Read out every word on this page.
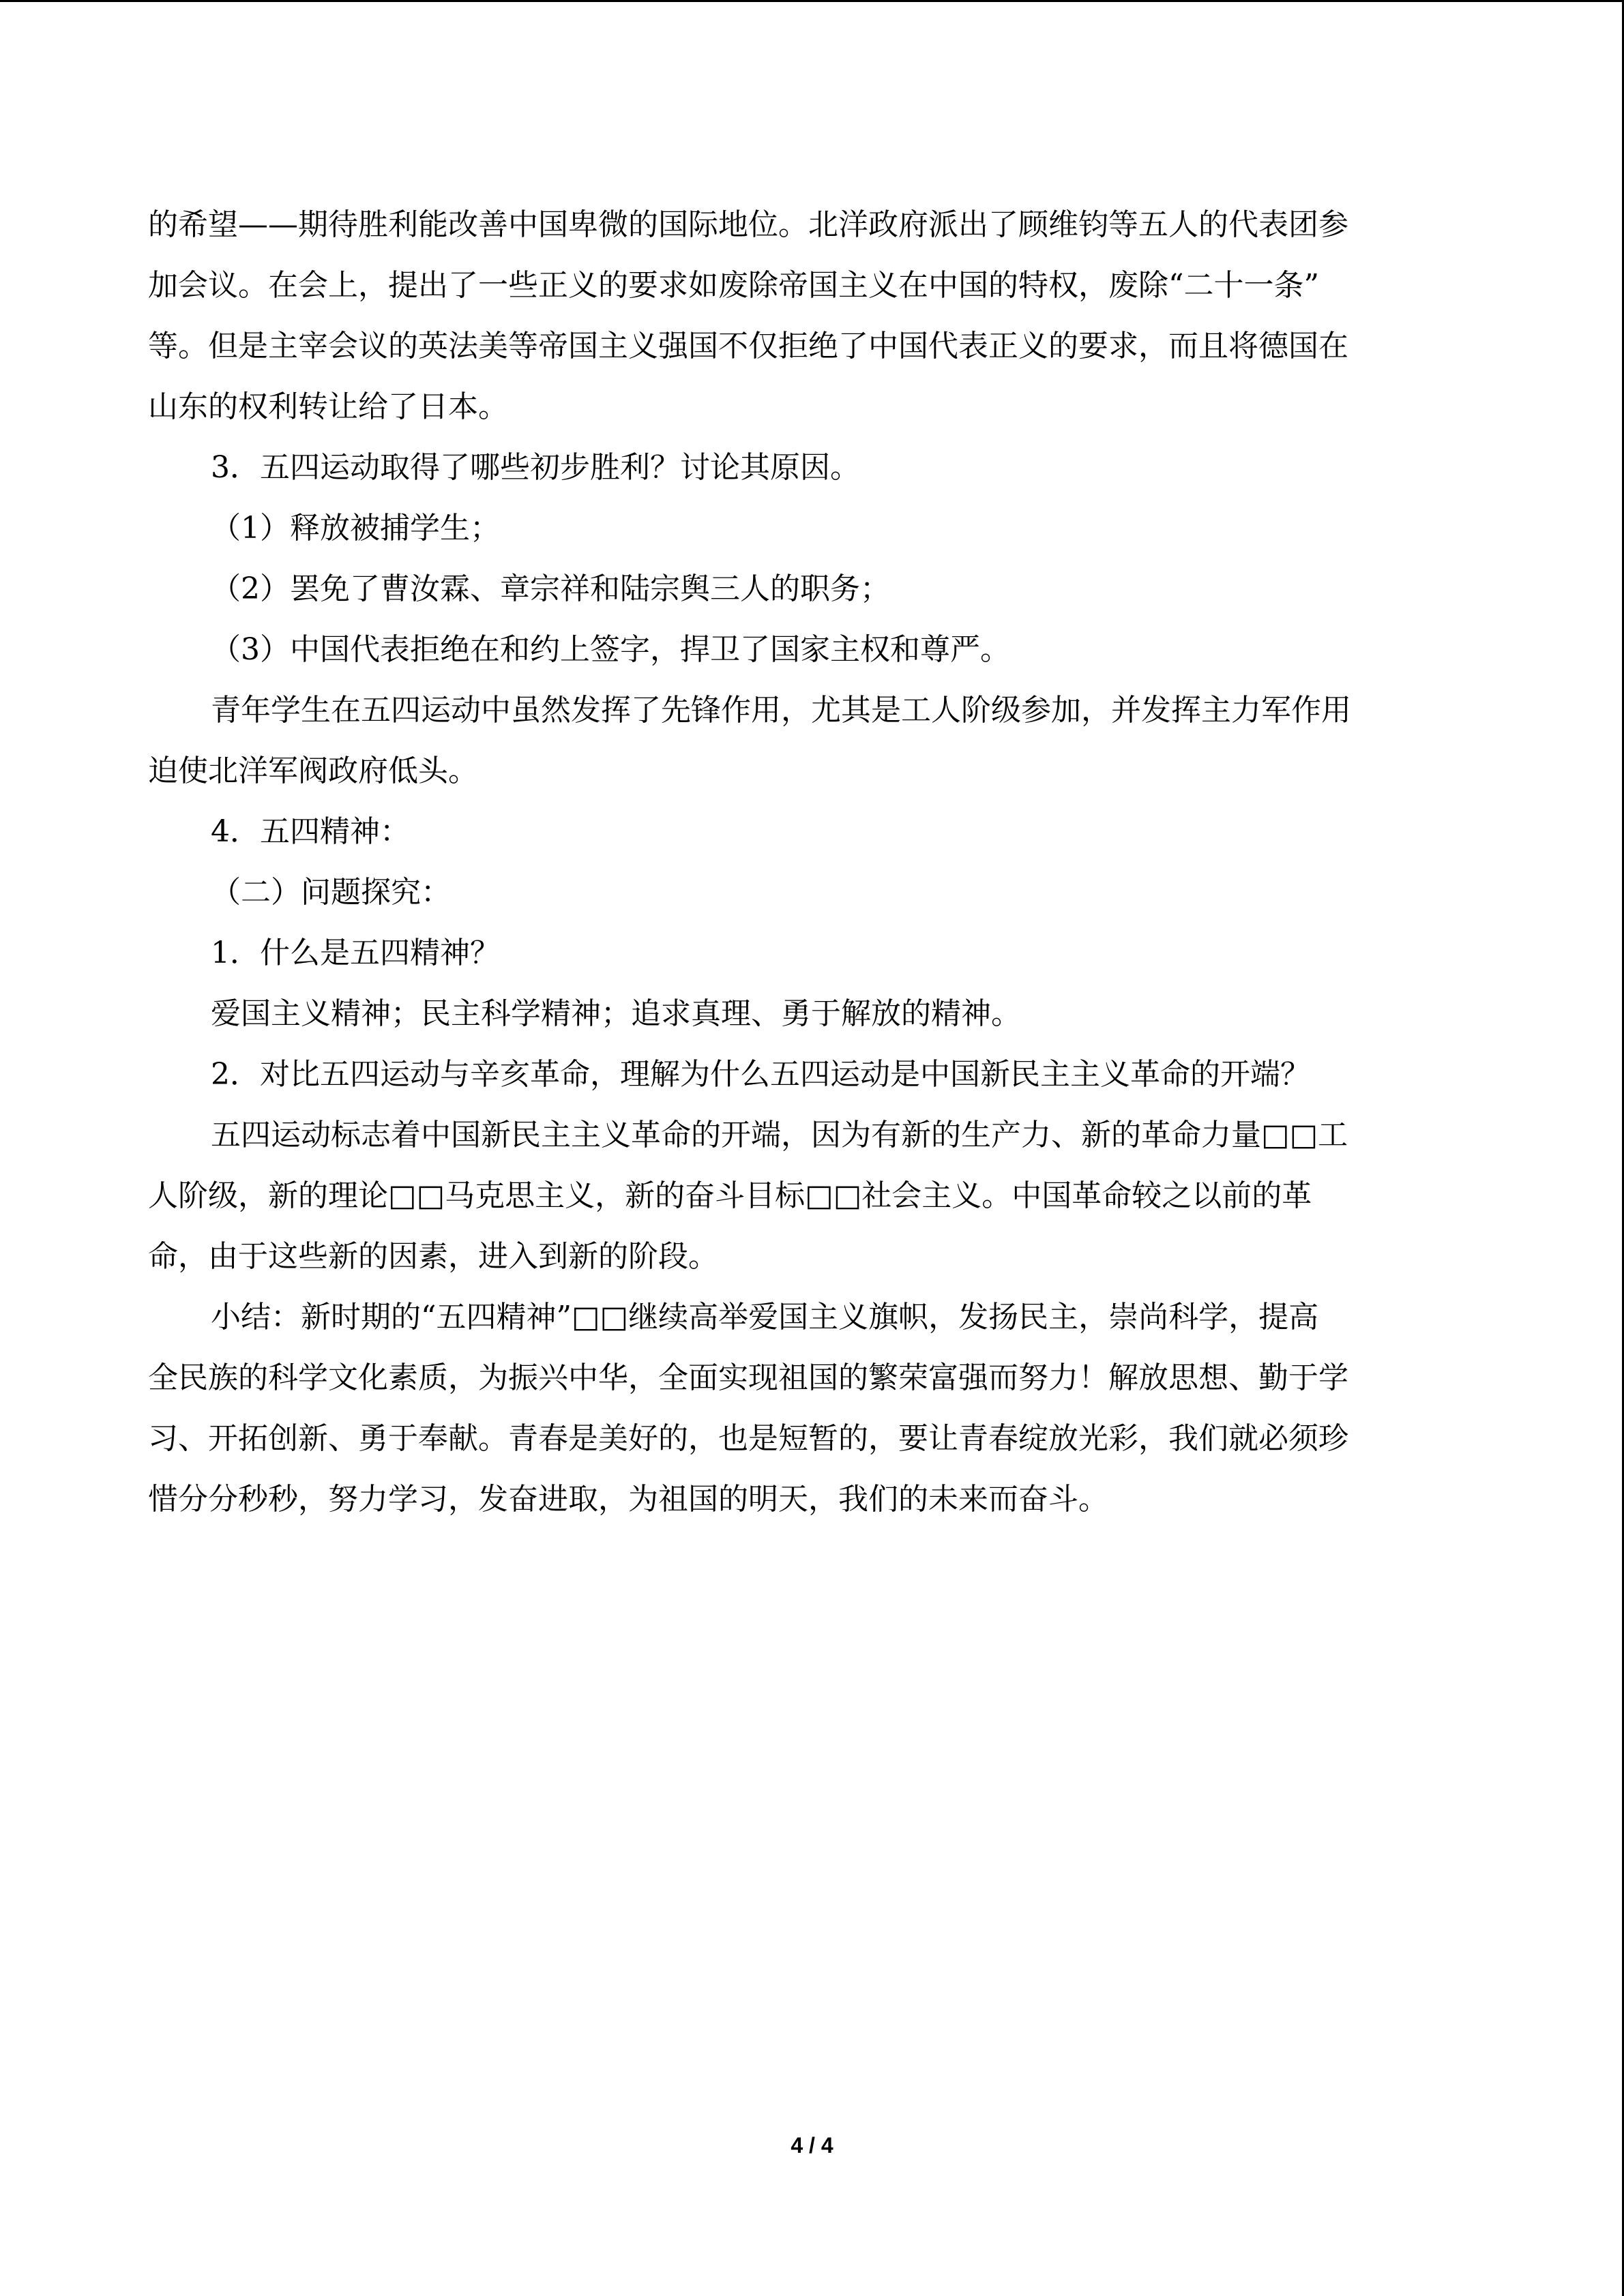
的希望——期待胜利能改善中国卑微的国际地位。北洋政府派出了顾维钧等五人的代表团参
加会议。在会上，提出了一些正义的要求如废除帝国主义在中国的特权，废除“二十一条”
等。但是主宰会议的英法美等帝国主义强国不仅拒绝了中国代表正义的要求，而且将德国在
山东的权利转让给了日本。
3．五四运动取得了哪些初步胜利？讨论其原因。
（1）释放被捕学生；
（2）罢免了曹汝霖、章宗祥和陆宗舆三人的职务；
（3）中国代表拒绝在和约上签字，捍卫了国家主权和尊严。
青年学生在五四运动中虽然发挥了先锋作用，尤其是工人阶级参加，并发挥主力军作用
迫使北洋军阀政府低头。
4．五四精神：
（二）问题探究：
1．什么是五四精神？
爱国主义精神；民主科学精神；追求真理、勇于解放的精神。
2．对比五四运动与辛亥革命，理解为什么五四运动是中国新民主主义革命的开端？
五四运动标志着中国新民主主义革命的开端，因为有新的生产力、新的革命力量□□工
人阶级，新的理论□□马克思主义，新的奋斗目标□□社会主义。中国革命较之以前的革
命，由于这些新的因素，进入到新的阶段。
小结：新时期的“五四精神”□□继续高举爱国主义旗帜，发扬民主，崇尚科学，提高
全民族的科学文化素质，为振兴中华，全面实现祖国的繁荣富强而努力！解放思想、勤于学
习、开拓创新、勇于奉献。青春是美好的，也是短暂的，要让青春绽放光彩，我们就必须珍
惜分分秒秒，努力学习，发奋进取，为祖国的明天，我们的未来而奋斗。
4 / 4
